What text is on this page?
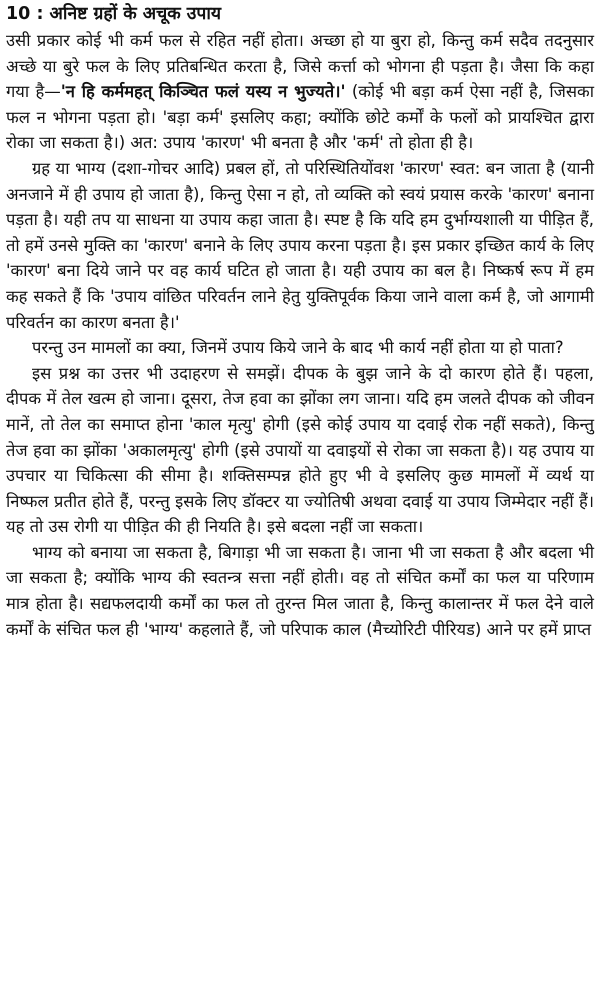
10 : अनिष्ट ग्रहों के अचूक उपाय

उसी प्रकार कोई भी कर्म फल से रहित नहीं होता। अच्छा हो या बुरा हो, किन्तु कर्म सदैव तदनुसार अच्छे या बुरे फल के लिए प्रतिबन्धित करता है, जिसे कर्त्ता को भोगना ही पड़ता है। जैसा कि कहा गया है—'न हि कर्ममहत् किञ्चित फलं यस्य न भुज्यते।' (कोई भी बड़ा कर्म ऐसा नहीं है, जिसका फल न भोगना पड़ता हो। 'बड़ा कर्म' इसलिए कहा; क्योंकि छोटे कर्मों के फलों को प्रायश्चित द्वारा रोका जा सकता है।) अत: उपाय 'कारण' भी बनता है और 'कर्म' तो होता ही है।

ग्रह या भाग्य (दशा-गोचर आदि) प्रबल हों, तो परिस्थितियोंवश 'कारण' स्वत: बन जाता है (यानी अनजाने में ही उपाय हो जाता है), किन्तु ऐसा न हो, तो व्यक्ति को स्वयं प्रयास करके 'कारण' बनाना पड़ता है। यही तप या साधना या उपाय कहा जाता है। स्पष्ट है कि यदि हम दुर्भाग्यशाली या पीड़ित हैं, तो हमें उनसे मुक्ति का 'कारण' बनाने के लिए उपाय करना पड़ता है। इस प्रकार इच्छित कार्य के लिए 'कारण' बना दिये जाने पर वह कार्य घटित हो जाता है। यही उपाय का बल है। निष्कर्ष रूप में हम कह सकते हैं कि 'उपाय वांछित परिवर्तन लाने हेतु युक्तिपूर्वक किया जाने वाला कर्म है, जो आगामी परिवर्तन का कारण बनता है।'

परन्तु उन मामलों का क्या, जिनमें उपाय किये जाने के बाद भी कार्य नहीं होता या हो पाता?

इस प्रश्न का उत्तर भी उदाहरण से समझें। दीपक के बुझ जाने के दो कारण होते हैं। पहला, दीपक में तेल खत्म हो जाना। दूसरा, तेज हवा का झोंका लग जाना। यदि हम जलते दीपक को जीवन मानें, तो तेल का समाप्त होना 'काल मृत्यु' होगी (इसे कोई उपाय या दवाई रोक नहीं सकते), किन्तु तेज हवा का झोंका 'अकालमृत्यु' होगी (इसे उपायों या दवाइयों से रोका जा सकता है)। यह उपाय या उपचार या चिकित्सा की सीमा है। शक्तिसम्पन्न होते हुए भी वे इसलिए कुछ मामलों में व्यर्थ या निष्फल प्रतीत होते हैं, परन्तु इसके लिए डॉक्टर या ज्योतिषी अथवा दवाई या उपाय जिम्मेदार नहीं हैं। यह तो उस रोगी या पीड़ित की ही नियति है। इसे बदला नहीं जा सकता।

भाग्य को बनाया जा सकता है, बिगाड़ा भी जा सकता है। जाना भी जा सकता है और बदला भी जा सकता है; क्योंकि भाग्य की स्वतन्त्र सत्ता नहीं होती। वह तो संचित कर्मों का फल या परिणाम मात्र होता है। सद्यफलदायी कर्मों का फल तो तुरन्त मिल जाता है, किन्तु कालान्तर में फल देने वाले कर्मों के संचित फल ही 'भाग्य' कहलाते हैं, जो परिपाक काल (मैच्योरिटी पीरियड) आने पर हमें प्राप्त
